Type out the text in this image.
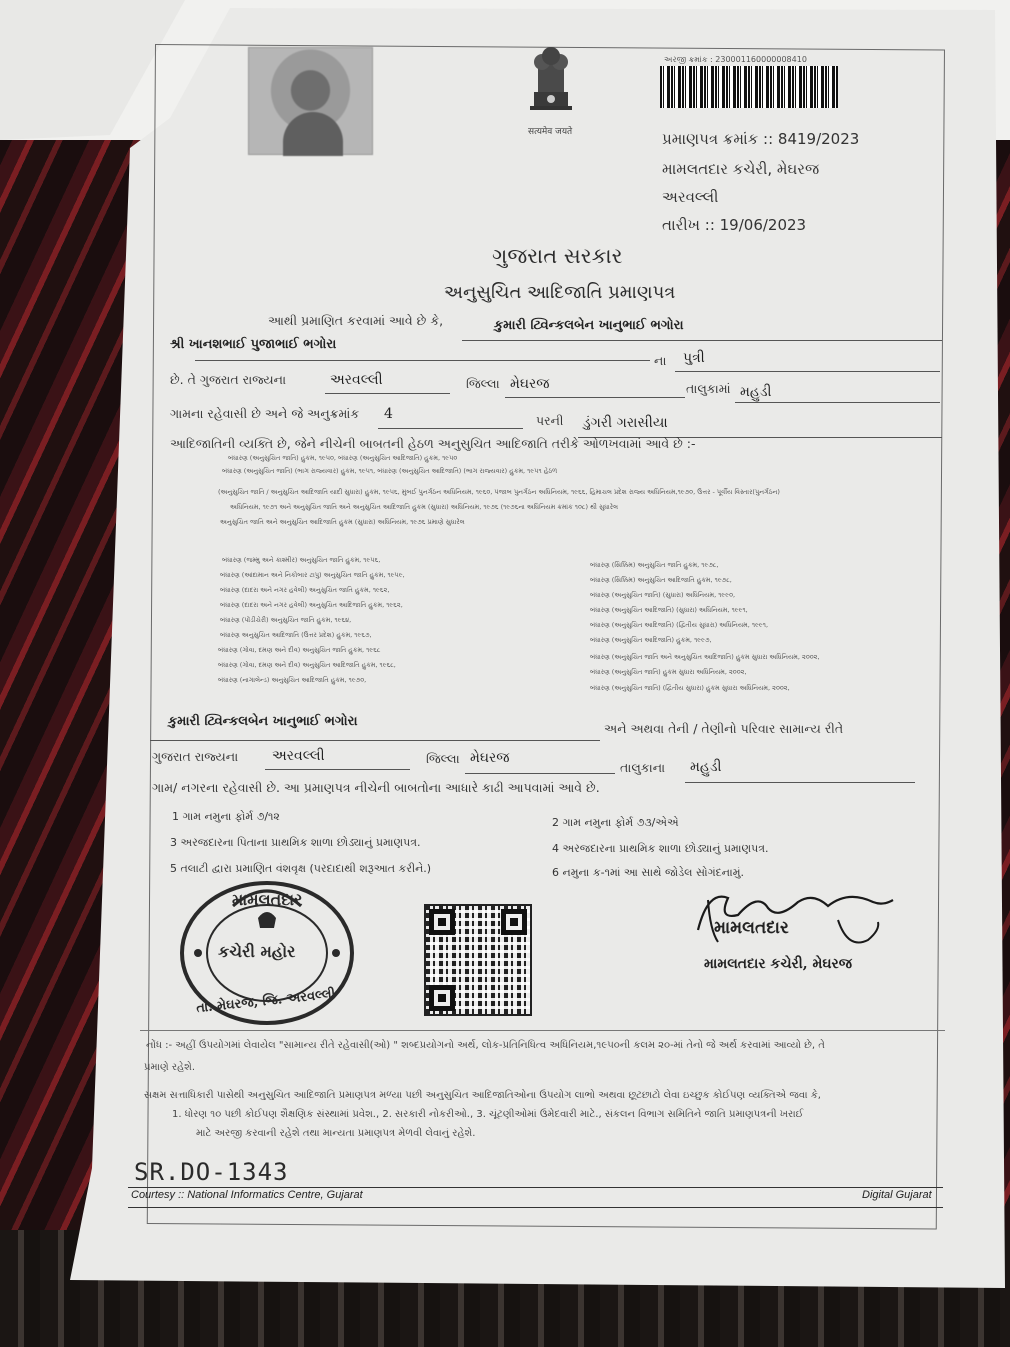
सत्यमेव जयते
અરજી ક્રમાંક : 230001160000008410
પ્રમાણપત્ર ક્રમાંક :: 8419/2023
મામલતદાર કચેરી, મેઘરજ
અરવલ્લી
તારીખ :: 19/06/2023
ગુજરાત સરકાર
અનુસુચિત આદિજાતિ પ્રમાણપત્ર
આથી પ્રમાણિત કરવામાં આવે છે કે,	કુમારી ટ્વિન્કલબેન ખાનુભાઈ ભગોરા
શ્રી ખાનશભાઈ પુજાભાઈ ભગોરા
ના પુત્રી
છે. તે ગુજરાત રાજ્યના	અરવલ્લી	જિલ્લા મેઘરજ	તાલુકામાં મહુડી
ગામના રહેવાસી છે અને જે અનુક્રમાંક 4	પરની ડુંગરી ગરાસીયા
આદિજાતિની વ્યક્તિ છે, જેને નીચેની બાબતની હેઠળ અનુસુચિત આદિજાતિ તરીકે ઓળખવામાં આવે છે :-
બંધારણ (અનુસુચિત જાતિ) હુકમ, ૧૯૫૦, બંધારણ (અનુસુચિત આદિજાતિ) હુકમ, ૧૯૫૦
બંધારણ (અનુસુચિત જાતિ) (ભાગ રાજ્યવાર) હુકમ, ૧૯૫૧, બંધારણ (અનુસુચિત આદિજાતિ) (ભાગ રાજ્યવાર) હુકમ, ૧૯૫૧ હેઠળ
(અનુસુચિત જાતિ / અનુસુચિત આદિજાતિ યાદી સુધારા) હુકમ, ૧૯૫૬, મુંબઈ પુનર્ગઠન અધિનિયમ, ૧૯૬૦, પંજાબ પુનર્ગઠન અધિનિયમ, ૧૯૬૬, હિમાચલ પ્રદેશ રાજ્ય અધિનિયમ,૧૯૭૦, ઉત્તર - પૂર્વીય વિસ્તાર(પુનર્ગઠન)
અધિનિયમ, ૧૯૭૧ અને અનુસુચિત જાતિ અને અનુસુચિત આદિજાતિ હુકમ (સુધારા) અધિનિયમ, ૧૯૭૬ (૧૯૭૬ના અધિનિયમ ક્રમાંક ૧૦૮) થી સુધારેલ
અનુસુચિત જાતિ અને અનુસુચિત આદિજાતિ હુકમ (સુધારા) અધિનિયમ, ૧૯૭૬ પ્રમાણે સુધારેલ
બંધારણ (જમ્મુ અને કાશ્મીર) અનુસુચિત જાતિ હુકમ, ૧૯૫૬,
બંધારણ (આંદામાન અને નિકોબાર ટાપુ) અનુસુચિત જાતિ હુકમ, ૧૯૫૯,
બંધારણ (દાદરા અને નગર હવેલી) અનુસુચિત જાતિ હુકમ, ૧૯૬૨,
બંધારણ (દાદરા અને નગર હવેલી) અનુસુચિત આદિજાતિ હુકમ, ૧૯૬૨,
બંધારણ (પોંડીચેરી) અનુસુચિત જાતિ હુકમ, ૧૯૬૪,
બંધારણ અનુસુચિત આદિજાતિ (ઉત્તર પ્રદેશ) હુકમ, ૧૯૬૭,
બંધારણ (ગોવા, દમણ અને દીવ) અનુસુચિત જાતિ હુકમ, ૧૯૬૮
બંધારણ (ગોવા, દમણ અને દીવ) અનુસુચિત આદિજાતિ હુકમ, ૧૯૬૮,
બંધારણ (નાગાલેન્ડ) અનુસુચિત આદિજાતિ હુકમ, ૧૯૭૦,
બંધારણ (સિક્કિમ) અનુસુચિત જાતિ હુકમ, ૧૯૭૮,
બંધારણ (સિક્કિમ) અનુસુચિત આદિજાતિ હુકમ, ૧૯૭૮,
બંધારણ (અનુસુચિત જાતિ) (સુધારા) અધિનિયમ, ૧૯૯૦,
બંધારણ (અનુસુચિત આદિજાતિ) (સુધારા) અધિનિયમ, ૧૯૯૧,
બંધારણ (અનુસુચિત આદિજાતિ) (દ્વિતીય સુધારા) અધિનિયમ, ૧૯૯૧,
બંધારણ (અનુસુચિત આદિજાતિ) હુકમ, ૧૯૯૭,
બંધારણ (અનુસુચિત જાતિ અને અનુસુચિત આદિજાતિ) હુકમ સુધારા અધિનિયમ, ૨૦૦૨,
બંધારણ (અનુસુચિત જાતિ) હુકમ સુધારા અધિનિયમ, ૨૦૦૨,
બંધારણ (અનુસુચિત જાતિ) (દ્વિતીય સુધારા) હુકમ સુધારા અધિનિયમ, ૨૦૦૨,
કુમારી ટ્વિન્કલબેન ખાનુભાઈ ભગોરા	અને અથવા તેની / તેણીનો પરિવાર સામાન્ય રીતે
ગુજરાત રાજ્યના અરવલ્લી	જિલ્લા મેઘરજ
તાલુકાના મહુડી
ગામ/ નગરના રહેવાસી છે. આ પ્રમાણપત્ર નીચેની બાબતોના આધારે કાઢી આપવામાં આવે છે.
1 ગામ નમુના ફોર્મ ૭/૧૨	2 ગામ નમુના ફોર્મ ૭૩/એએ
3 અરજદારના પિતાના પ્રાથમિક શાળા છોડ્યાનું પ્રમાણપત્ર.	4 અરજદારના પ્રાથમિક શાળા છોડ્યાનું પ્રમાણપત્ર.
5 તલાટી દ્વારા પ્રમાણિત વંશવૃક્ષ (પરદાદાથી શરૂઆત કરીને.)	6 નમુના ક-૧માં આ સાથે જોડેલ સોગંદનામું.
મામલતદાર
કચેરી મહોર
તા. મેઘરજ, જિ. અરવલ્લી
મામલતદાર
મામલતદાર કચેરી, મેઘરજ
નોંધ :- અહીં ઉપયોગમાં લેવાયેલ "સામાન્ય રીતે રહેવાસી(ઓ) " શબ્દપ્રયોગનો અર્થ, લોક-પ્રતિનિધિત્વ અધિનિયમ,૧૯૫૦ની કલમ ૨૦-માં તેનો જે અર્થ કરવામાં આવ્યો છે, તે
પ્રમાણે રહેશે.
સક્ષમ સત્તાધિકારી પાસેથી અનુસુચિત આદિજાતિ પ્રમાણપત્ર મળ્યા પછી અનુસુચિત આદિજાતિઓના ઉપયોગ લાભો અથવા છૂટછાટો લેવા ઇચ્છુક કોઈપણ વ્યક્તિએ જવા કે,
1. ધોરણ ૧૦ પછી કોઈપણ શૈક્ષણિક સંસ્થામાં પ્રવેશ., 2. સરકારી નોકરીઓ., 3. ચૂંટણીઓમાં ઉમેદવારી માટે., સંકલન વિભાગ સમિતિને જાતિ પ્રમાણપત્રની ખરાઈ
માટે અરજી કરવાની રહેશે તથા માન્યતા પ્રમાણપત્ર મેળવી લેવાનું રહેશે.
SR.DO-1343
Courtesy :: National Informatics Centre, Gujarat	Digital Gujarat
